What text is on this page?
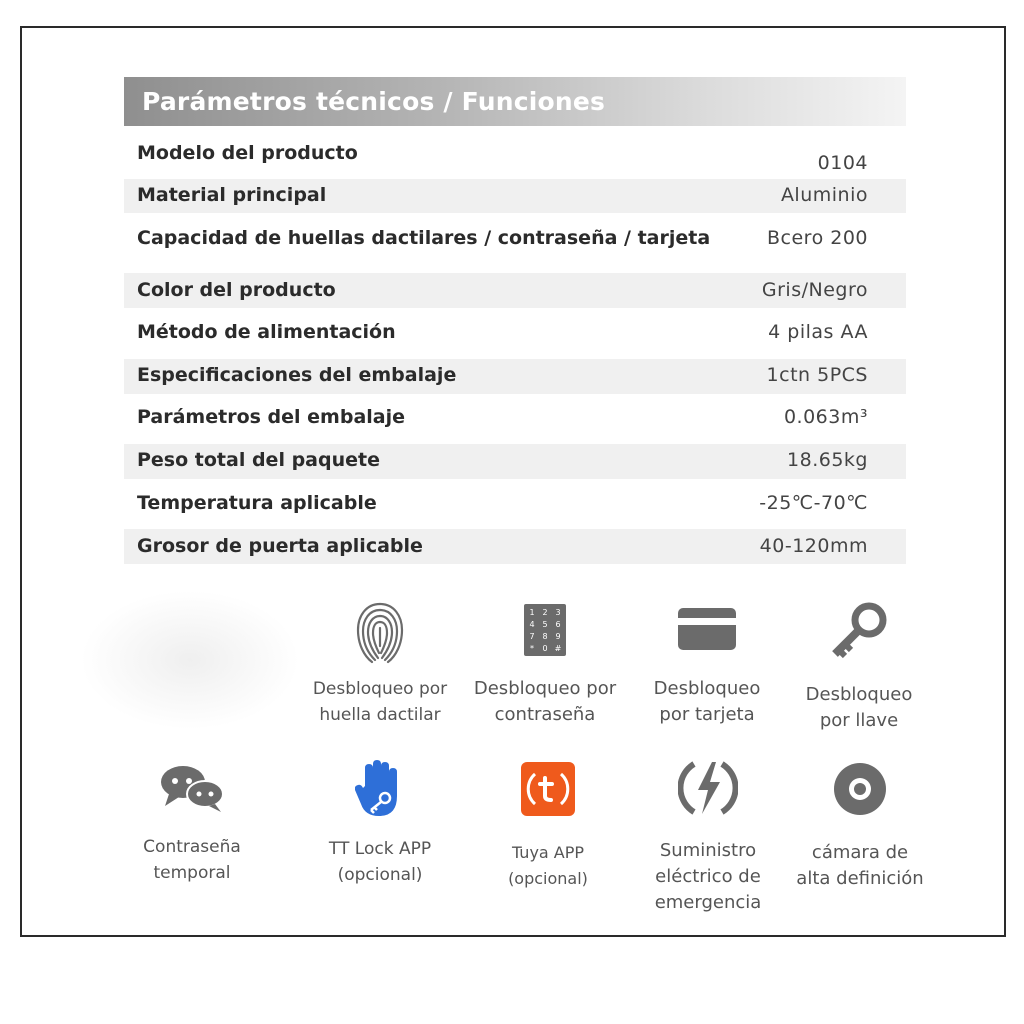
Parámetros técnicos / Funciones
Modelo del producto	0104
Material principal	Aluminio
Capacidad de huellas dactilares / contraseña / tarjeta	Bcero 200
Color del producto	Gris/Negro
Método de alimentación	4 pilas AA
Especificaciones del embalaje	1ctn 5PCS
Parámetros del embalaje	0.063m³
Peso total del paquete	18.65kg
Temperatura aplicable	-25℃-70℃
Grosor de puerta aplicable	40-120mm
Desbloqueo por
huella dactilar
1 2 3
4 5 6
7 8 9
* 0 #
Desbloqueo por
contraseña
Desbloqueo
por tarjeta
Desbloqueo
por llave
Contraseña
temporal
TT Lock APP
(opcional)
Tuya APP
(opcional)
Suministro
eléctrico de
emergencia
cámara de
alta definición
